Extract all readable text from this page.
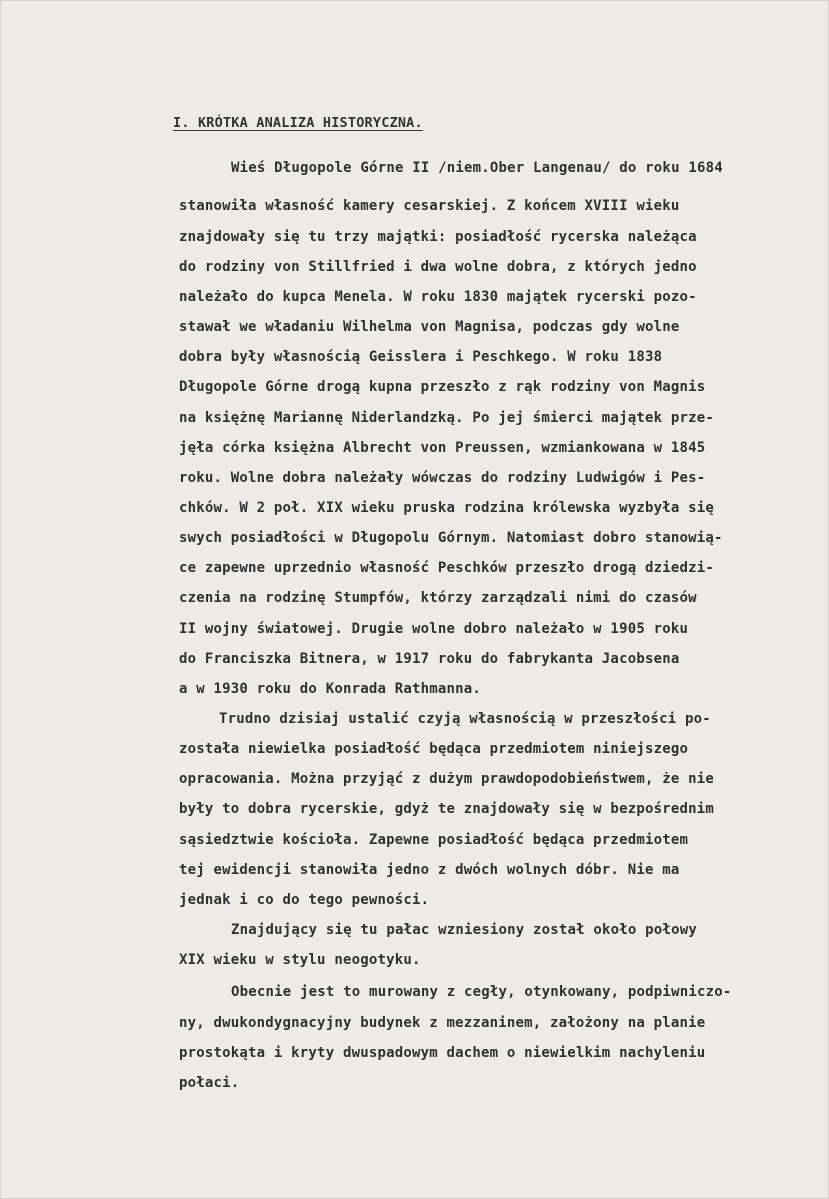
I. KRÓTKA ANALIZA HISTORYCZNA.
Wieś Długopole Górne II /niem.Ober Langenau/ do roku 1684
stanowiła własność kamery cesarskiej. Z końcem XVIII wieku
znajdowały się tu trzy majątki: posiadłość rycerska należąca
do rodziny von Stillfried i dwa wolne dobra, z których jedno
należało do kupca Menela. W roku 1830 majątek rycerski pozo-
stawał we władaniu Wilhelma von Magnisa, podczas gdy wolne
dobra były własnością Geisslera i Peschkego. W roku 1838
Długopole Górne drogą kupna przeszło z rąk rodziny von Magnis
na księżnę Mariannę Niderlandzką. Po jej śmierci majątek prze-
jęła córka księżna Albrecht von Preussen, wzmiankowana w 1845
roku. Wolne dobra należały wówczas do rodziny Ludwigów i Pes-
chków. W 2 poł. XIX wieku pruska rodzina królewska wyzbyła się
swych posiadłości w Długopolu Górnym. Natomiast dobro stanowią-
ce zapewne uprzednio własność Peschków przeszło drogą dziedzi-
czenia na rodzinę Stumpfów, którzy zarządzali nimi do czasów
II wojny światowej. Drugie wolne dobro należało w 1905 roku
do Franciszka Bitnera, w 1917 roku do fabrykanta Jacobsena
a w 1930 roku do Konrada Rathmanna.
Trudno dzisiaj ustalić czyją własnością w przeszłości po-
została niewielka posiadłość będąca przedmiotem niniejszego
opracowania. Można przyjąć z dużym prawdopodobieństwem, że nie
były to dobra rycerskie, gdyż te znajdowały się w bezpośrednim
sąsiedztwie kościoła. Zapewne posiadłość będąca przedmiotem
tej ewidencji stanowiła jedno z dwóch wolnych dóbr. Nie ma
jednak i co do tego pewności.
Znajdujący się tu pałac wzniesiony został około połowy
XIX wieku w stylu neogotyku.
Obecnie jest to murowany z cegły, otynkowany, podpiwniczo-
ny, dwukondygnacyjny budynek z mezzaninem, założony na planie
prostokąta i kryty dwuspadowym dachem o niewielkim nachyleniu
połaci.
